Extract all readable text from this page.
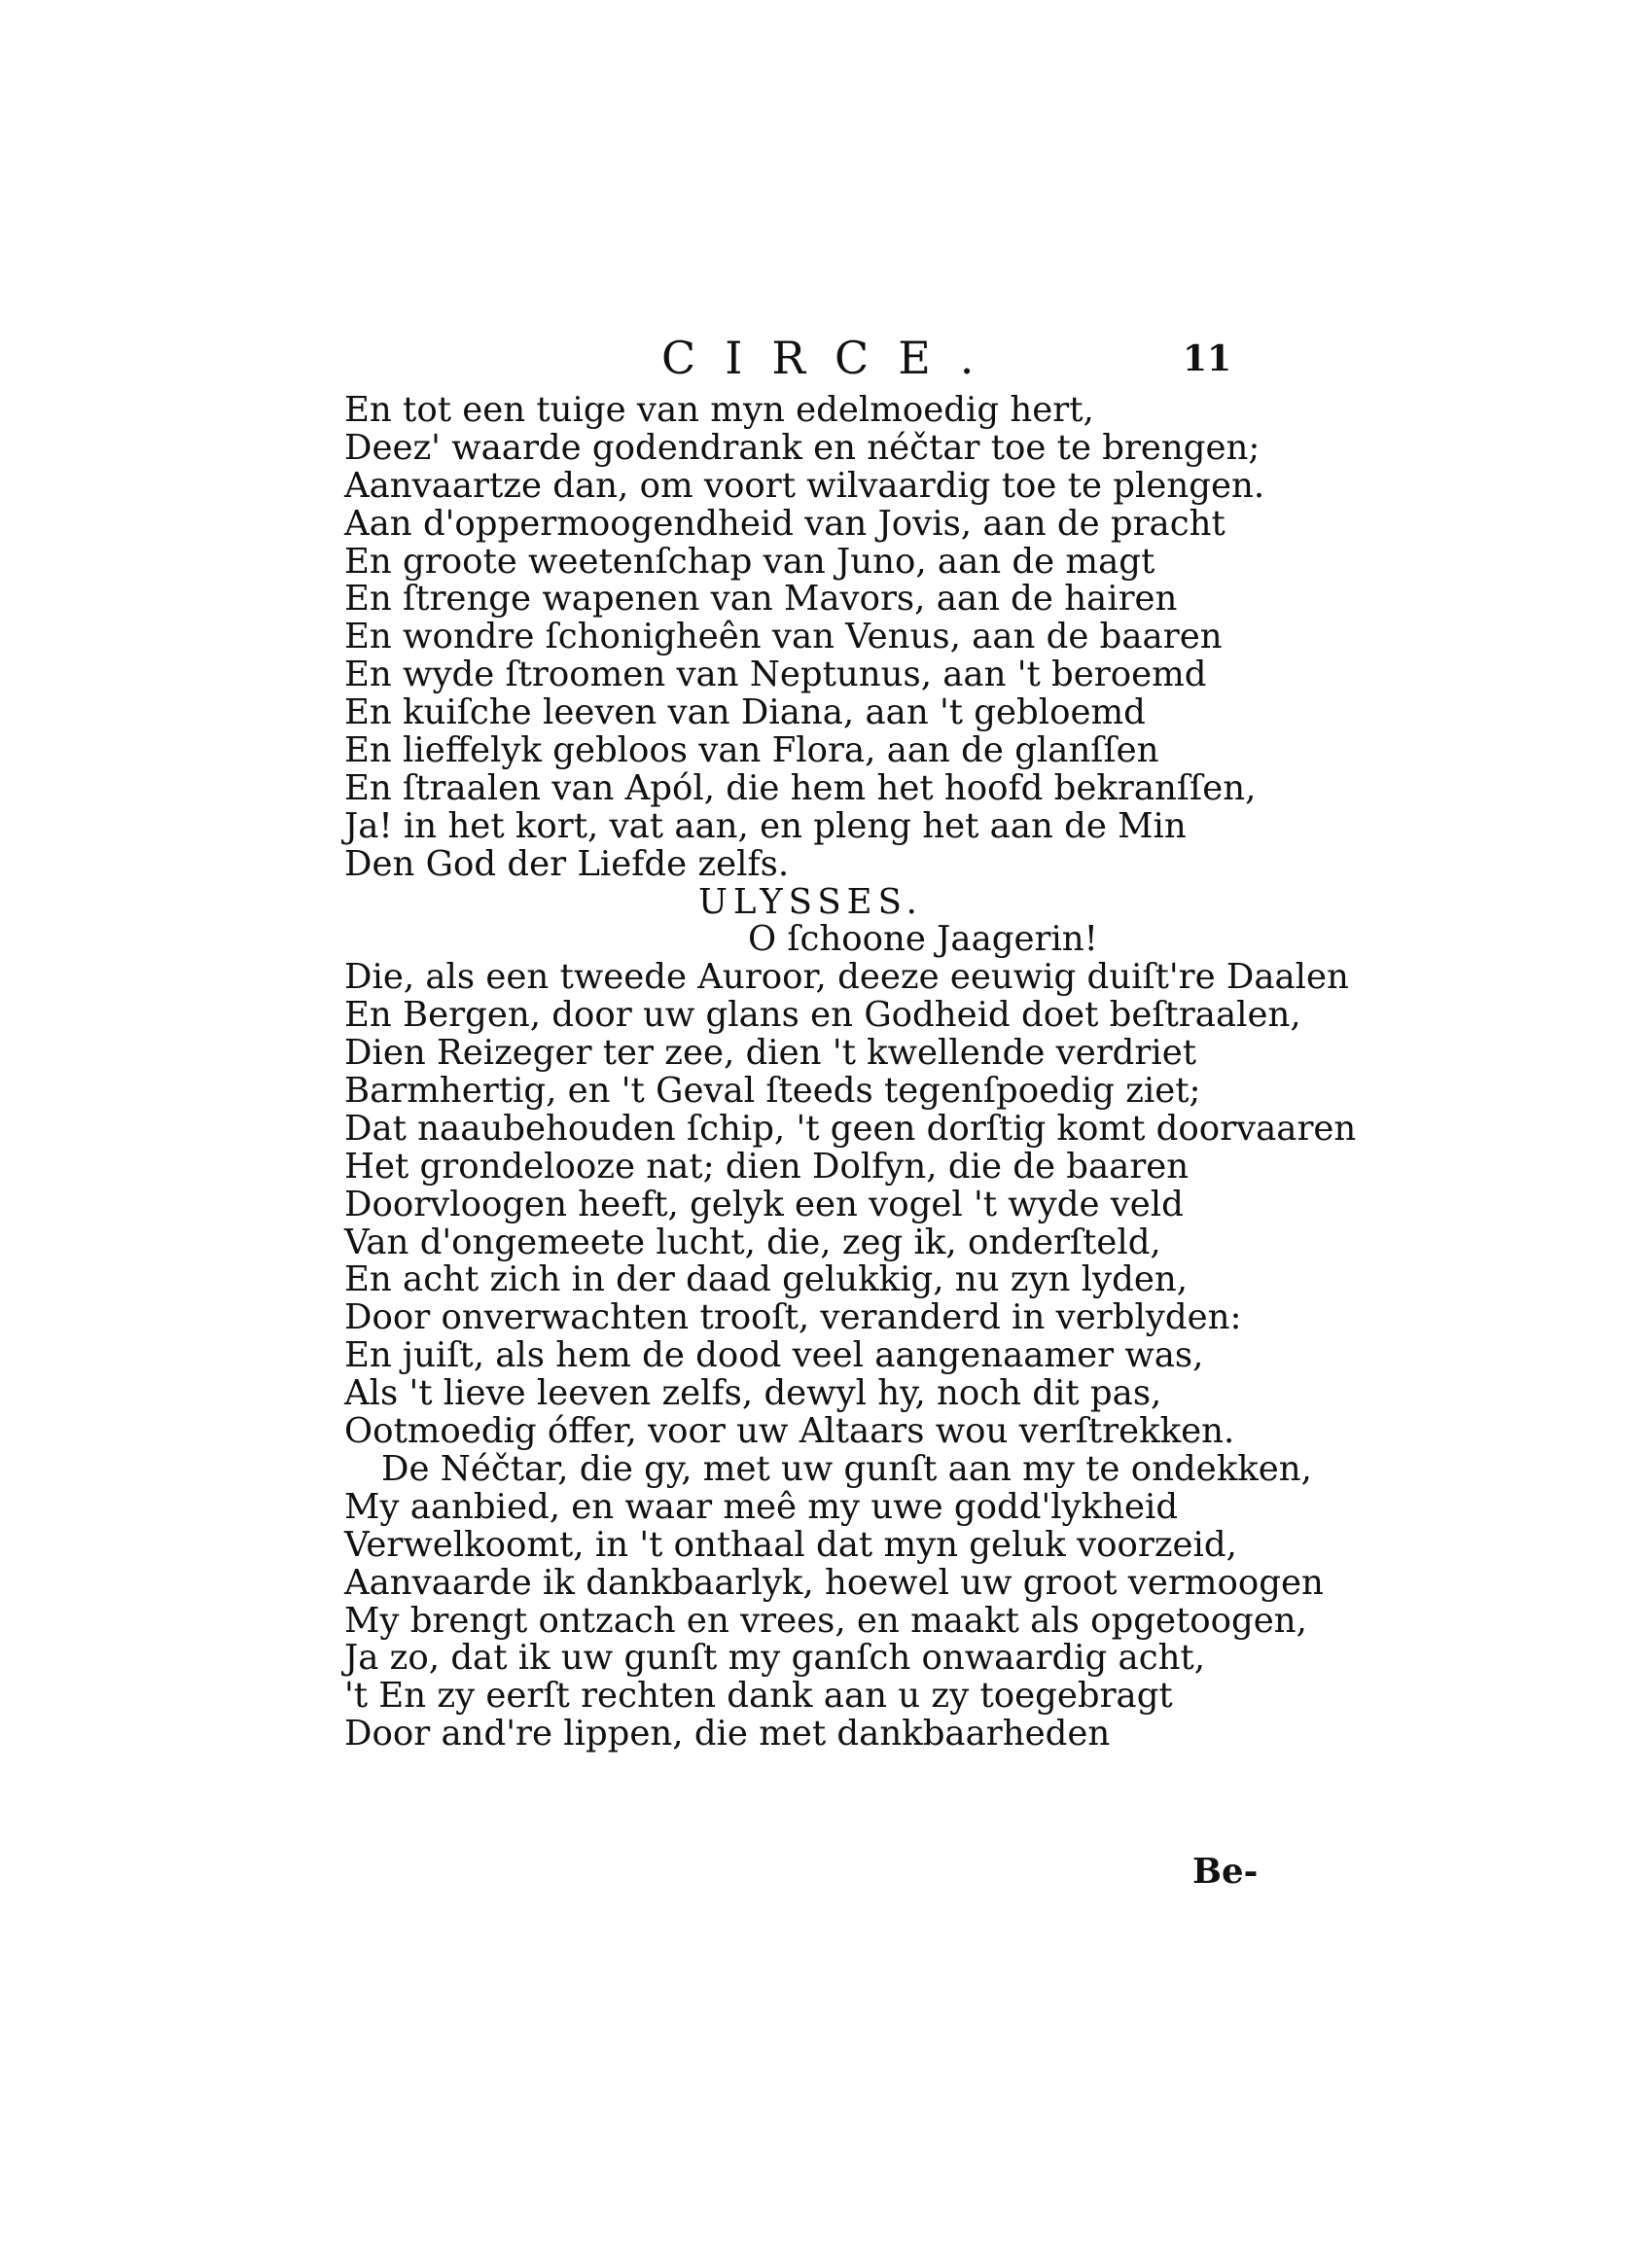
CIRCE.	11
En tot een tuige van myn edelmoedig hert,
Deez' waarde godendrank en néčtar toe te brengen;
Aanvaartze dan, om voort wilvaardig toe te plengen.
Aan d'oppermoogendheid van Jovis, aan de pracht
En groote weetenſchap van Juno, aan de magt
En ſtrenge wapenen van Mavors, aan de hairen
En wondre ſchonigheên van Venus, aan de baaren
En wyde ſtroomen van Neptunus, aan 't beroemd
En kuiſche leeven van Diana, aan 't gebloemd
En lieffelyk gebloos van Flora, aan de glanſſen
En ſtraalen van Apól, die hem het hoofd bekranſſen,
Ja! in het kort, vat aan, en pleng het aan de Min
Den God der Liefde zelfs.
ULYSSES.
O ſchoone Jaagerin!
Die, als een tweede Auroor, deeze eeuwig duiſt're Daalen
En Bergen, door uw glans en Godheid doet beſtraalen,
Dien Reizeger ter zee, dien 't kwellende verdriet
Barmhertig, en 't Geval ſteeds tegenſpoedig ziet;
Dat naaubehouden ſchip, 't geen dorſtig komt doorvaaren
Het grondelooze nat; dien Dolfyn, die de baaren
Doorvloogen heeft, gelyk een vogel 't wyde veld
Van d'ongemeete lucht, die, zeg ik, onderſteld,
En acht zich in der daad gelukkig, nu zyn lyden,
Door onverwachten trooſt, veranderd in verblyden:
En juiſt, als hem de dood veel aangenaamer was,
Als 't lieve leeven zelfs, dewyl hy, noch dit pas,
Ootmoedig óffer, voor uw Altaars wou verſtrekken.
De Néčtar, die gy, met uw gunſt aan my te ondekken,
My aanbied, en waar meê my uwe godd'lykheid
Verwelkoomt, in 't onthaal dat myn geluk voorzeid,
Aanvaarde ik dankbaarlyk, hoewel uw groot vermoogen
My brengt ontzach en vrees, en maakt als opgetoogen,
Ja zo, dat ik uw gunſt my ganſch onwaardig acht,
't En zy eerſt rechten dank aan u zy toegebragt
Door and're lippen, die met dankbaarheden
Be-
